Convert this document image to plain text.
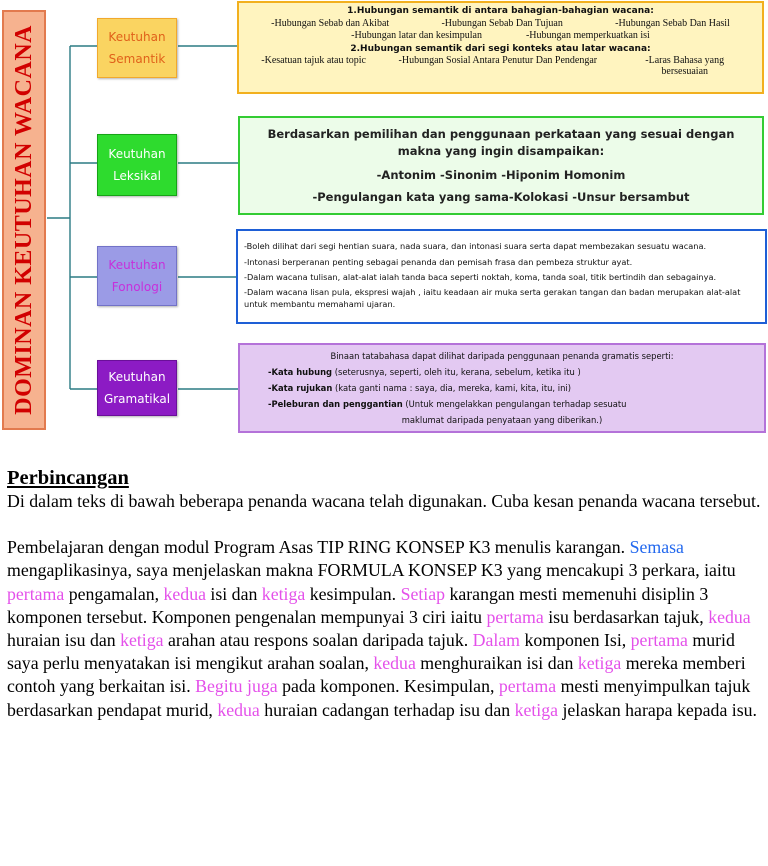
DOMINAN KEUTUHAN WACANA	Keutuhan
Semantik
Keutuhan
Leksikal
Keutuhan
Fonologi
Keutuhan
Gramatikal
1.Hubungan semantik di antara bahagian-bahagian wacana:
-Hubungan Sebab dan Akibat	-Hubungan Sebab Dan Tujuan	-Hubungan Sebab Dan Hasil
-Hubungan latar dan kesimpulan	-Hubungan memperkuatkan isi
2.Hubungan semantik dari segi konteks atau latar wacana:
-Kesatuan tajuk atau topic	-Hubungan Sosial Antara Penutur Dan Pendengar	-Laras Bahasa yang bersesuaian
Berdasarkan pemilihan dan penggunaan perkataan yang sesuai dengan makna yang ingin disampaikan:
-Antonim -Sinonim -Hiponim Homonim
-Pengulangan kata yang sama-Kolokasi -Unsur bersambut
-Boleh dilihat dari segi hentian suara, nada suara, dan intonasi suara serta dapat membezakan sesuatu wacana.
-Intonasi berperanan penting sebagai penanda dan pemisah frasa dan pembeza struktur ayat.
-Dalam wacana tulisan, alat-alat ialah tanda baca seperti noktah, koma, tanda soal, titik bertindih dan sebagainya.
-Dalam wacana lisan pula, ekspresi wajah , iaitu keadaan air muka serta gerakan tangan dan badan merupakan alat-alat untuk membantu memahami ujaran.
Binaan tatabahasa dapat dilihat daripada penggunaan penanda gramatis seperti:
-Kata hubung (seterusnya, seperti, oleh itu, kerana, sebelum, ketika itu )
-Kata rujukan (kata ganti nama : saya, dia, mereka, kami, kita, itu, ini)
-Peleburan dan penggantian (Untuk mengelakkan pengulangan terhadap sesuatu
maklumat daripada penyataan yang diberikan.)
Perbincangan
Di dalam teks di bawah beberapa penanda wacana telah digunakan. Cuba kesan penanda wacana tersebut.
Pembelajaran dengan modul Program Asas TIP RING KONSEP K3 menulis karangan. Semasa mengaplikasinya, saya menjelaskan makna FORMULA KONSEP K3 yang mencakupi 3 perkara, iaitu pertama pengamalan, kedua isi dan ketiga kesimpulan. Setiap karangan mesti memenuhi disiplin 3 komponen tersebut. Komponen pengenalan mempunyai 3 ciri iaitu pertama isu berdasarkan tajuk, kedua huraian isu dan ketiga arahan atau respons soalan daripada tajuk. Dalam komponen Isi, pertama murid saya perlu menyatakan isi mengikut arahan soalan, kedua menghuraikan isi dan ketiga mereka memberi contoh yang berkaitan isi. Begitu juga pada komponen. Kesimpulan, pertama mesti menyimpulkan tajuk berdasarkan pendapat murid, kedua huraian cadangan terhadap isu dan ketiga jelaskan harapa kepada isu.
